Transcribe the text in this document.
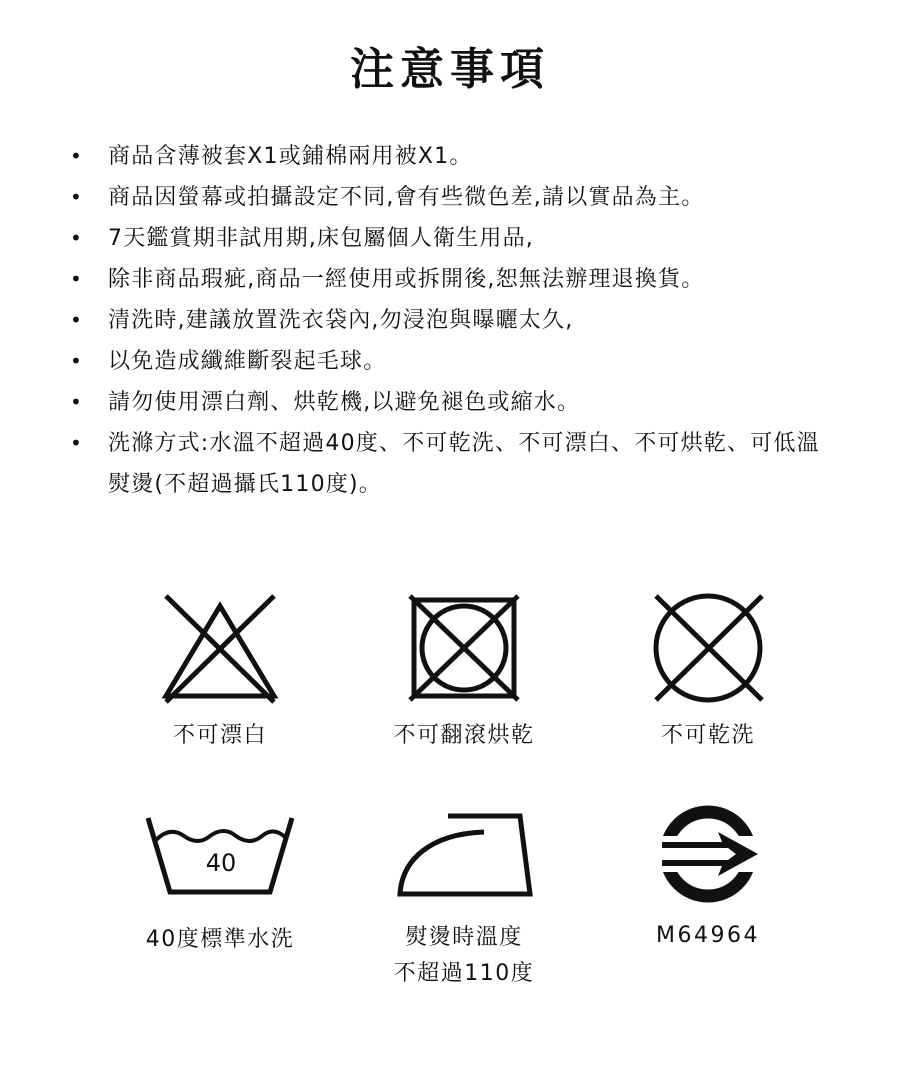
注意事項
• 商品含薄被套X1或鋪棉兩用被X1。
• 商品因螢幕或拍攝設定不同,會有些微色差,請以實品為主。
• 7天鑑賞期非試用期,床包屬個人衛生用品,
• 除非商品瑕疵,商品一經使用或拆開後,恕無法辦理退換貨。
• 清洗時,建議放置洗衣袋內,勿浸泡與曝曬太久,
• 以免造成纖維斷裂起毛球。
• 請勿使用漂白劑、烘乾機,以避免褪色或縮水。
• 洗滌方式:水溫不超過40度、不可乾洗、不可漂白、不可烘乾、可低溫熨燙(不超過攝氏110度)。
不可漂白	不可翻滾烘乾	不可乾洗
40
40度標準水洗	熨燙時溫度
不超過110度
M64964
